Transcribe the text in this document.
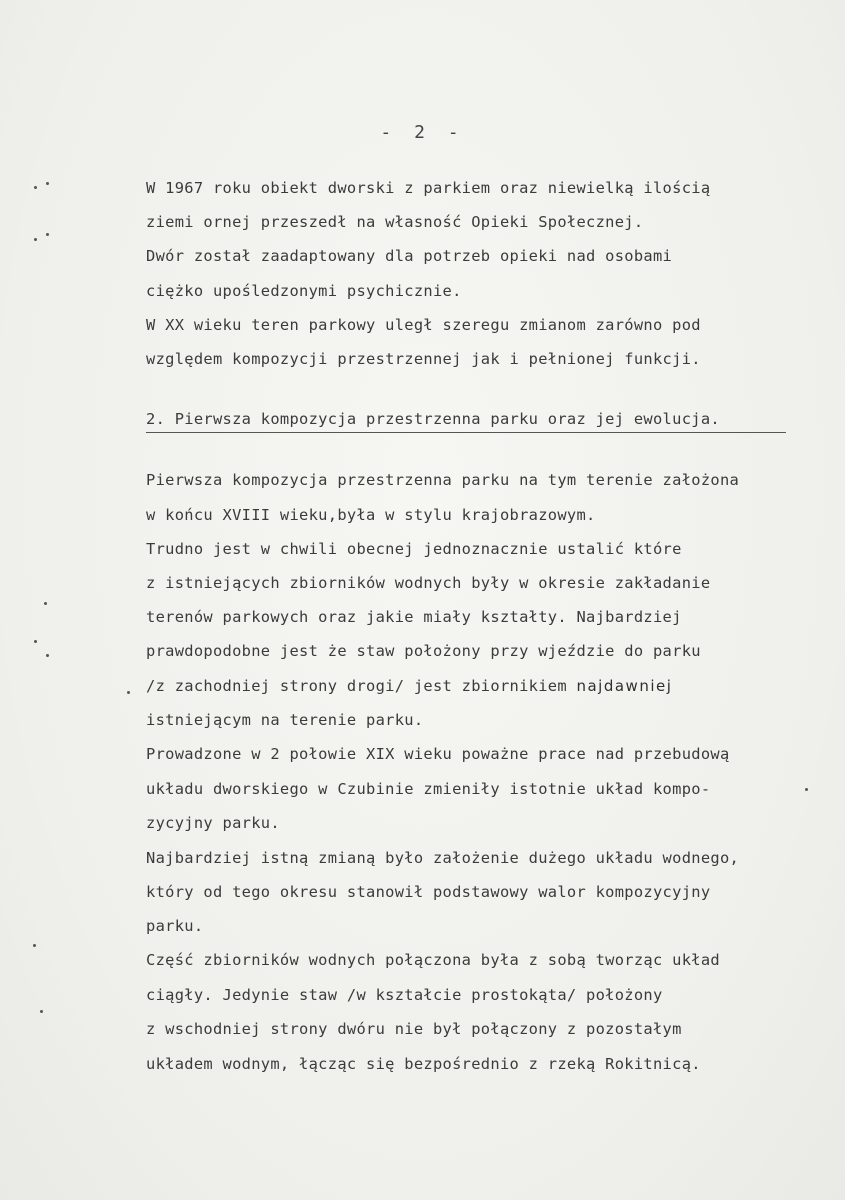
- 2 -
W 1967 roku obiekt dworski z parkiem oraz niewielką ilością
ziemi ornej przeszedł na własność Opieki Społecznej.
Dwór został zaadaptowany dla potrzeb opieki nad osobami
ciężko upośledzonymi psychicznie.
W XX wieku teren parkowy uległ szeregu zmianom zarówno pod
względem kompozycji przestrzennej jak i pełnionej funkcji.
2. Pierwsza kompozycja przestrzenna parku oraz jej ewolucja.
Pierwsza kompozycja przestrzenna parku na tym terenie założona
w końcu XVIII wieku,była w stylu krajobrazowym.
Trudno jest w chwili obecnej jednoznacznie ustalić które
z istniejących zbiorników wodnych były w okresie zakładanie
terenów parkowych oraz jakie miały kształty. Najbardziej
prawdopodobne jest że staw położony przy wjeździe do parku
/z zachodniej strony drogi/ jest zbiornikiem najdawniej
istniejącym na terenie parku.
Prowadzone w 2 połowie XIX wieku poważne prace nad przebudową
układu dworskiego w Czubinie zmieniły istotnie układ kompo-
zycyjny parku.
Najbardziej istną zmianą było założenie dużego układu wodnego,
który od tego okresu stanowił podstawowy walor kompozycyjny
parku.
Część zbiorników wodnych połączona była z sobą tworząc układ
ciągły. Jedynie staw /w kształcie prostokąta/ położony
z wschodniej strony dwóru nie był połączony z pozostałym
układem wodnym, łącząc się bezpośrednio z rzeką Rokitnicą.
